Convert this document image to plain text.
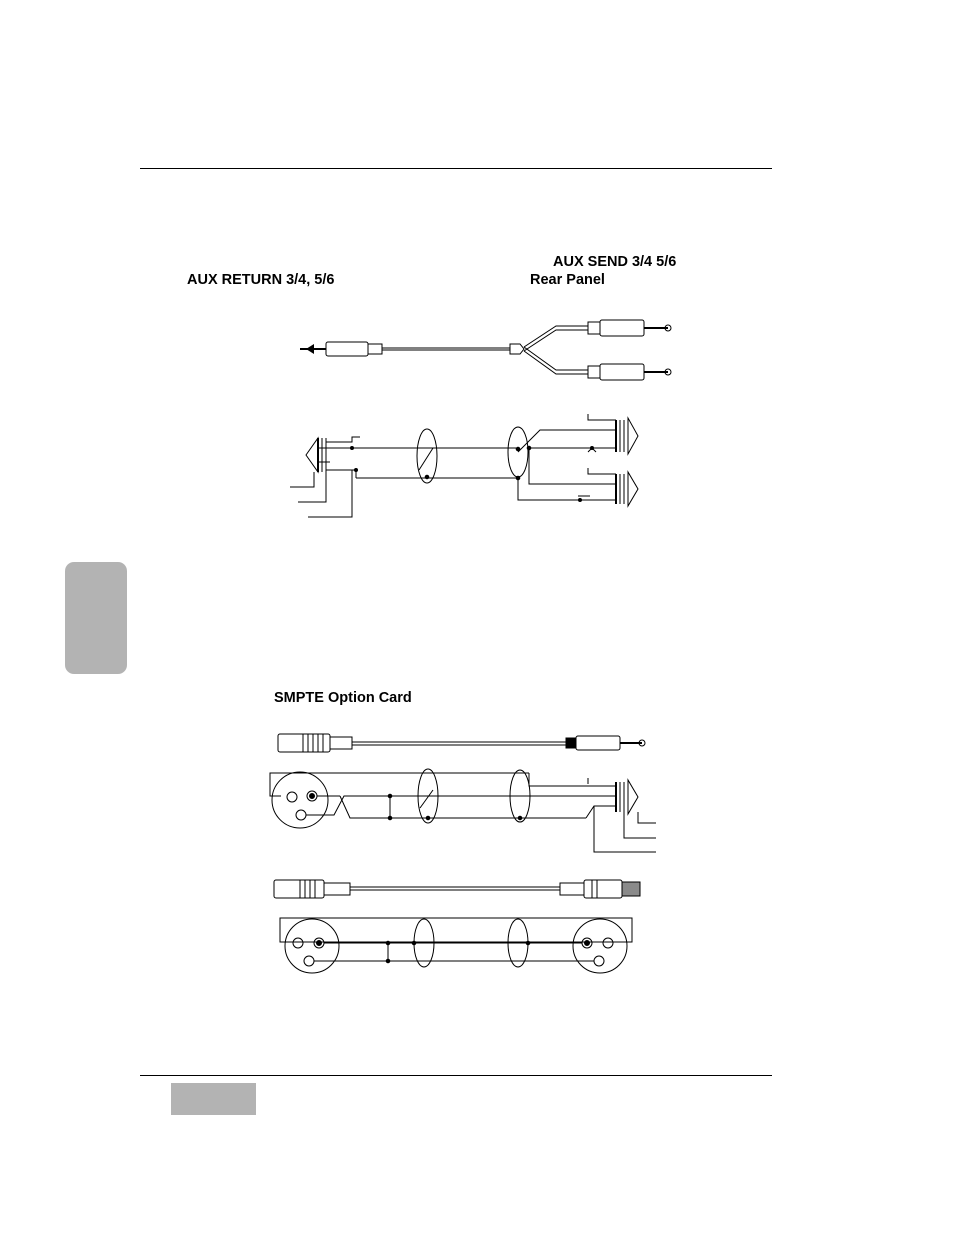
AUX SEND 3/4 5/6
AUX RETURN 3/4, 5/6	Rear Panel
SMPTE Option Card
